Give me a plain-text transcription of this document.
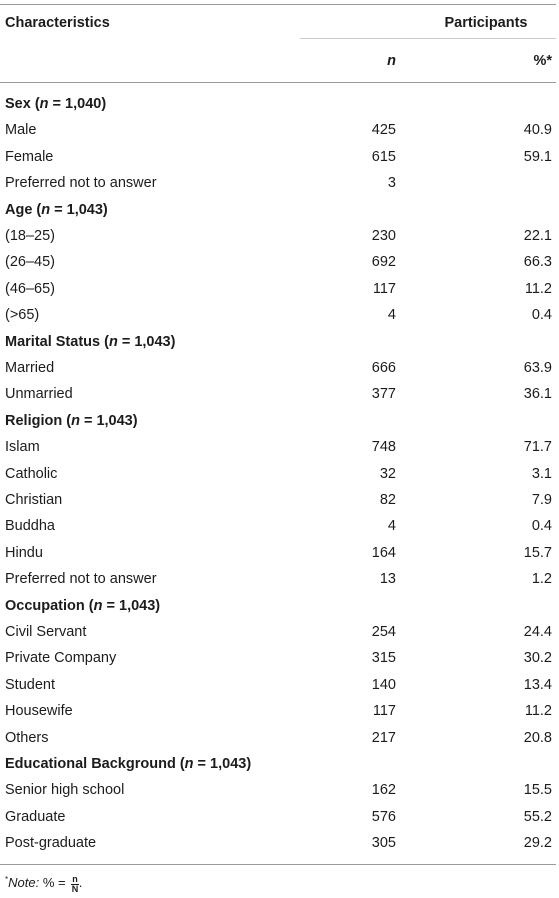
Characteristics	Participants
n	%*
Sex (n = 1,040)
Male	425	40.9
Female	615	59.1
Preferred not to answer	3
Age (n = 1,043)
(18–25)	230	22.1
(26–45)	692	66.3
(46–65)	117	11.2
(>65)	4	0.4
Marital Status (n = 1,043)
Married	666	63.9
Unmarried	377	36.1
Religion (n = 1,043)
Islam	748	71.7
Catholic	32	3.1
Christian	82	7.9
Buddha	4	0.4
Hindu	164	15.7
Preferred not to answer	13	1.2
Occupation (n = 1,043)
Civil Servant	254	24.4
Private Company	315	30.2
Student	140	13.4
Housewife	117	11.2
Others	217	20.8
Educational Background (n = 1,043)
Senior high school	162	15.5
Graduate	576	55.2
Post-graduate	305	29.2
*Note: % = $\frac{n}{N}$ .
